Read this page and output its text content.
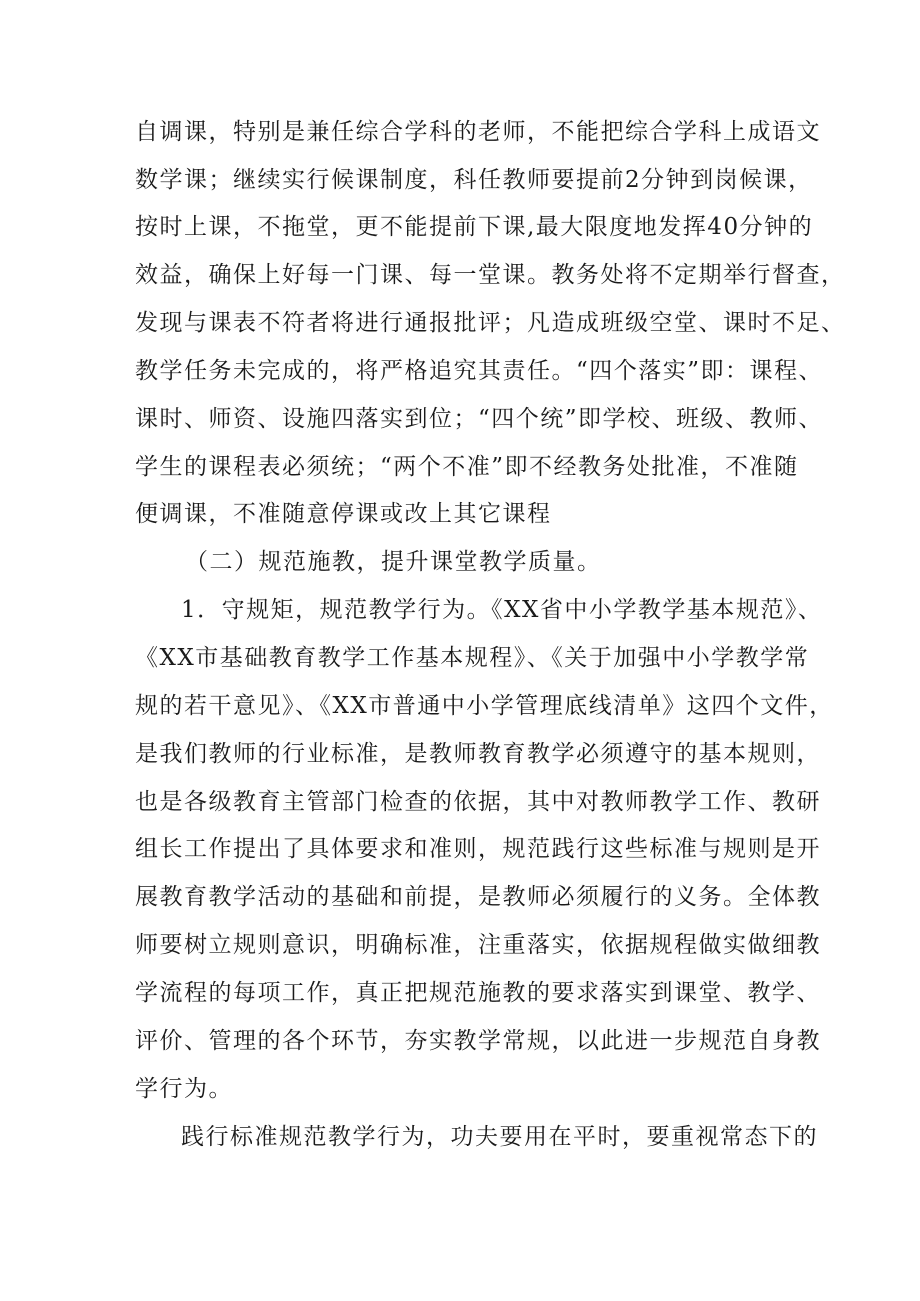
自调课，特别是兼任综合学科的老师，不能把综合学科上成语文
数学课；继续实行候课制度，科任教师要提前2分钟到岗候课，
按时上课，不拖堂，更不能提前下课,最大限度地发挥40分钟的
效益，确保上好每一门课、每一堂课。教务处将不定期举行督查，
发现与课表不符者将进行通报批评；凡造成班级空堂、课时不足、
教学任务未完成的，将严格追究其责任。“四个落实”即：课程、
课时、师资、设施四落实到位；“四个统”即学校、班级、教师、
学生的课程表必须统；“两个不准”即不经教务处批准，不准随
便调课，不准随意停课或改上其它课程
（二）规范施教，提升课堂教学质量。
1．守规矩，规范教学行为。《XX省中小学教学基本规范》、
《XX市基础教育教学工作基本规程》、《关于加强中小学教学常
规的若干意见》、《XX市普通中小学管理底线清单》这四个文件，
是我们教师的行业标准，是教师教育教学必须遵守的基本规则，
也是各级教育主管部门检查的依据，其中对教师教学工作、教研
组长工作提出了具体要求和准则，规范践行这些标准与规则是开
展教育教学活动的基础和前提，是教师必须履行的义务。全体教
师要树立规则意识，明确标准，注重落实，依据规程做实做细教
学流程的每项工作，真正把规范施教的要求落实到课堂、教学、
评价、管理的各个环节，夯实教学常规，以此进一步规范自身教
学行为。
践行标准规范教学行为，功夫要用在平时，要重视常态下的
